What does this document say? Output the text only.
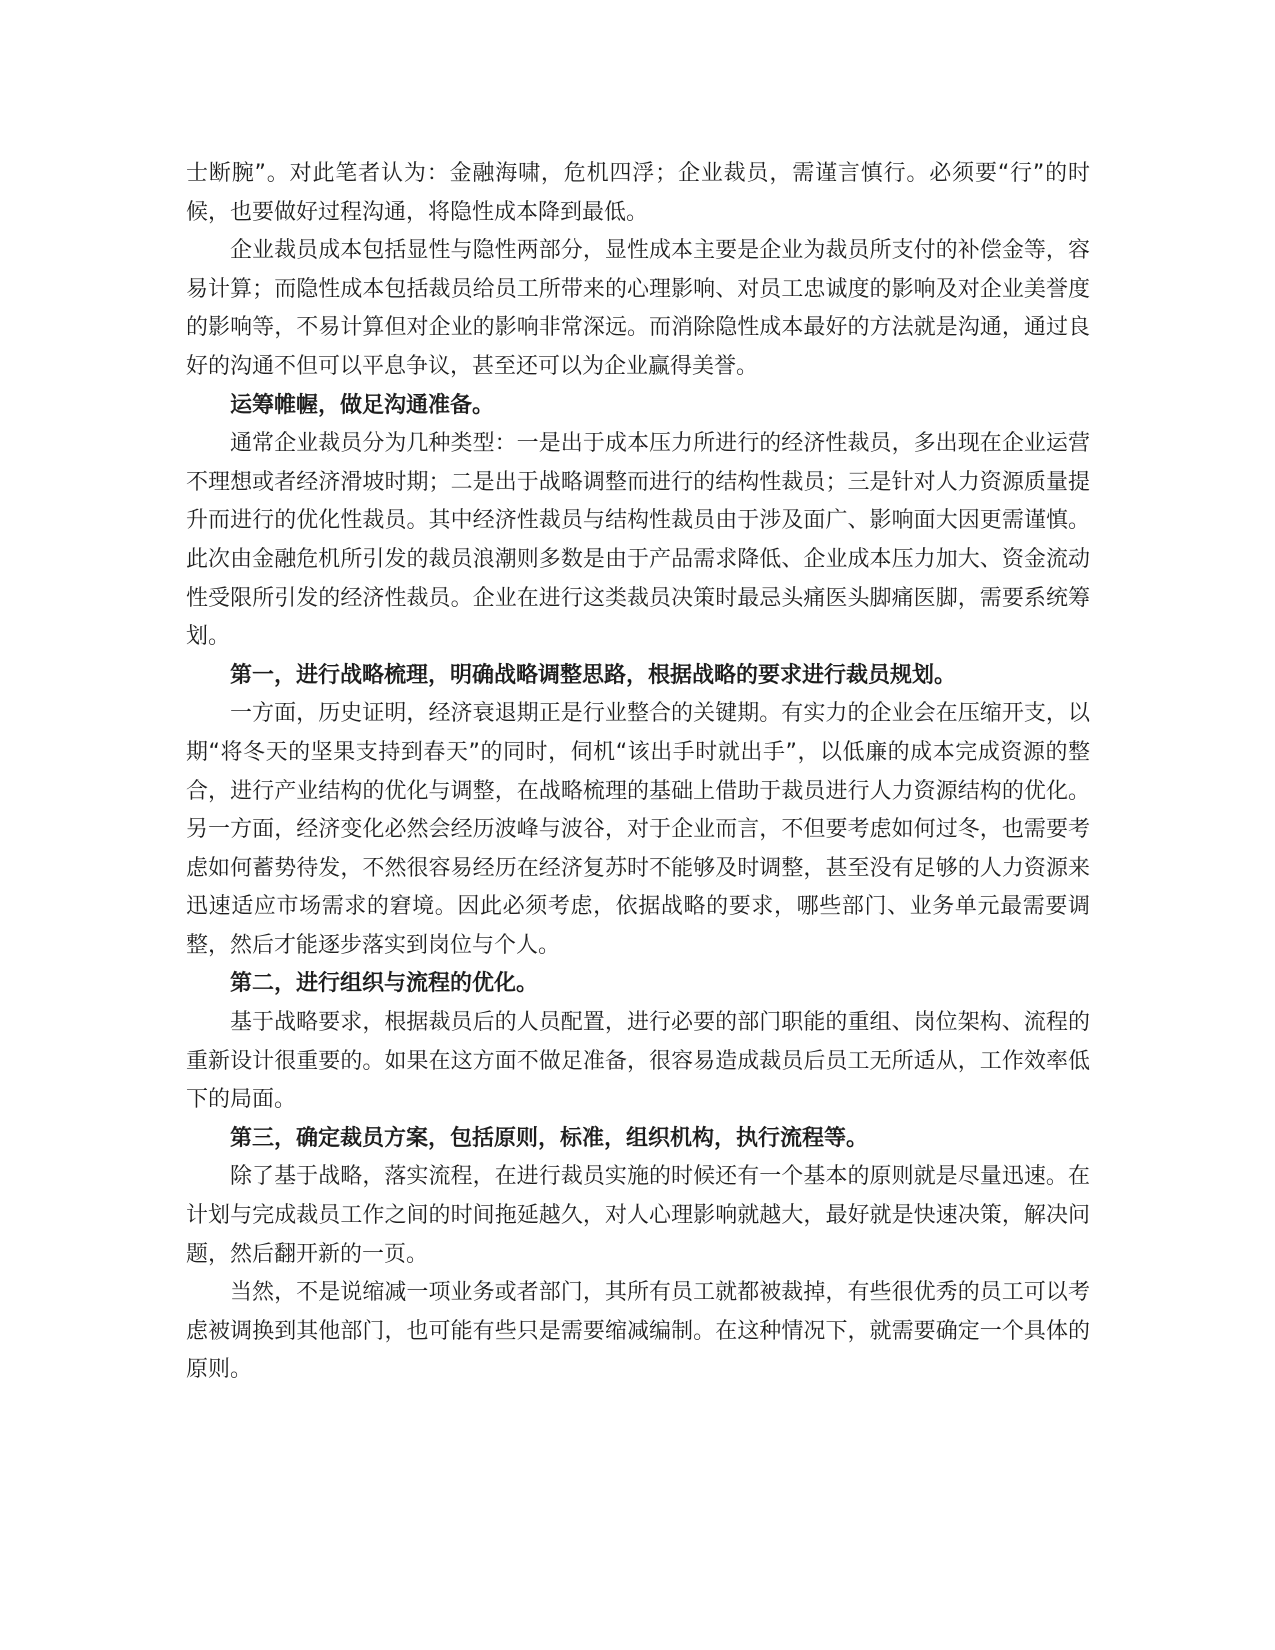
士断腕”。对此笔者认为：金融海啸，危机四浮；企业裁员，需谨言慎行。必须要“行”的时候，也要做好过程沟通，将隐性成本降到最低。

企业裁员成本包括显性与隐性两部分，显性成本主要是企业为裁员所支付的补偿金等，容易计算；而隐性成本包括裁员给员工所带来的心理影响、对员工忠诚度的影响及对企业美誉度的影响等，不易计算但对企业的影响非常深远。而消除隐性成本最好的方法就是沟通，通过良好的沟通不但可以平息争议，甚至还可以为企业赢得美誉。

运筹帷幄，做足沟通准备。

通常企业裁员分为几种类型：一是出于成本压力所进行的经济性裁员，多出现在企业运营不理想或者经济滑坡时期；二是出于战略调整而进行的结构性裁员；三是针对人力资源质量提升而进行的优化性裁员。其中经济性裁员与结构性裁员由于涉及面广、影响面大因更需谨慎。此次由金融危机所引发的裁员浪潮则多数是由于产品需求降低、企业成本压力加大、资金流动性受限所引发的经济性裁员。企业在进行这类裁员决策时最忌头痛医头脚痛医脚，需要系统筹划。

第一，进行战略梳理，明确战略调整思路，根据战略的要求进行裁员规划。

一方面，历史证明，经济衰退期正是行业整合的关键期。有实力的企业会在压缩开支，以期“将冬天的坚果支持到春天”的同时，伺机“该出手时就出手”，以低廉的成本完成资源的整合，进行产业结构的优化与调整，在战略梳理的基础上借助于裁员进行人力资源结构的优化。另一方面，经济变化必然会经历波峰与波谷，对于企业而言，不但要考虑如何过冬，也需要考虑如何蓄势待发，不然很容易经历在经济复苏时不能够及时调整，甚至没有足够的人力资源来迅速适应市场需求的窘境。因此必须考虑，依据战略的要求，哪些部门、业务单元最需要调整，然后才能逐步落实到岗位与个人。

第二，进行组织与流程的优化。

基于战略要求，根据裁员后的人员配置，进行必要的部门职能的重组、岗位架构、流程的重新设计很重要的。如果在这方面不做足准备，很容易造成裁员后员工无所适从，工作效率低下的局面。

第三，确定裁员方案，包括原则，标准，组织机构，执行流程等。

除了基于战略，落实流程，在进行裁员实施的时候还有一个基本的原则就是尽量迅速。在计划与完成裁员工作之间的时间拖延越久，对人心理影响就越大，最好就是快速决策，解决问题，然后翻开新的一页。

当然，不是说缩减一项业务或者部门，其所有员工就都被裁掉，有些很优秀的员工可以考虑被调换到其他部门，也可能有些只是需要缩减编制。在这种情况下，就需要确定一个具体的原则。
